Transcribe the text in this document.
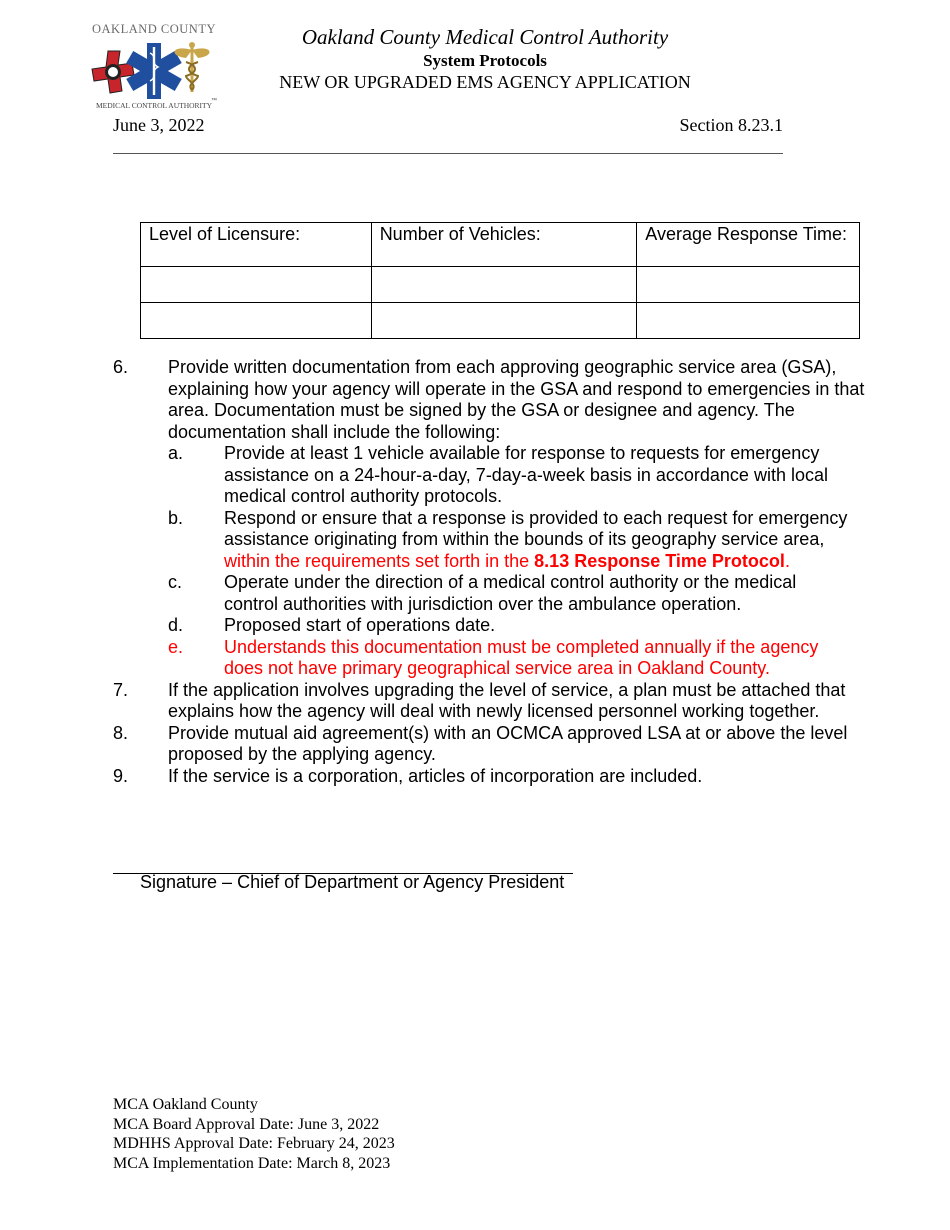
OAKLAND COUNTY
MEDICAL CONTROL AUTHORITY
™
Oakland County Medical Control Authority
System Protocols
NEW OR UPGRADED EMS AGENCY APPLICATION
June 3, 2022	Section 8.23.1
Level of Licensure:	Number of Vehicles:	Average Response Time:

6. Provide written documentation from each approving geographic service area (GSA), explaining how your agency will operate in the GSA and respond to emergencies in that area. Documentation must be signed by the GSA or designee and agency. The documentation shall include the following:
a. Provide at least 1 vehicle available for response to requests for emergency assistance on a 24-hour-a-day, 7-day-a-week basis in accordance with local medical control authority protocols.
b. Respond or ensure that a response is provided to each request for emergency assistance originating from within the bounds of its geography service area, within the requirements set forth in the 8.13 Response Time Protocol.
c. Operate under the direction of a medical control authority or the medical control authorities with jurisdiction over the ambulance operation.
d. Proposed start of operations date.
e. Understands this documentation must be completed annually if the agency does not have primary geographical service area in Oakland County.
7. If the application involves upgrading the level of service, a plan must be attached that explains how the agency will deal with newly licensed personnel working together.
8. Provide mutual aid agreement(s) with an OCMCA approved LSA at or above the level proposed by the applying agency.
9. If the service is a corporation, articles of incorporation are included.
Signature – Chief of Department or Agency President
MCA Oakland County
MCA Board Approval Date: June 3, 2022
MDHHS Approval Date: February 24, 2023
MCA Implementation Date: March 8, 2023
